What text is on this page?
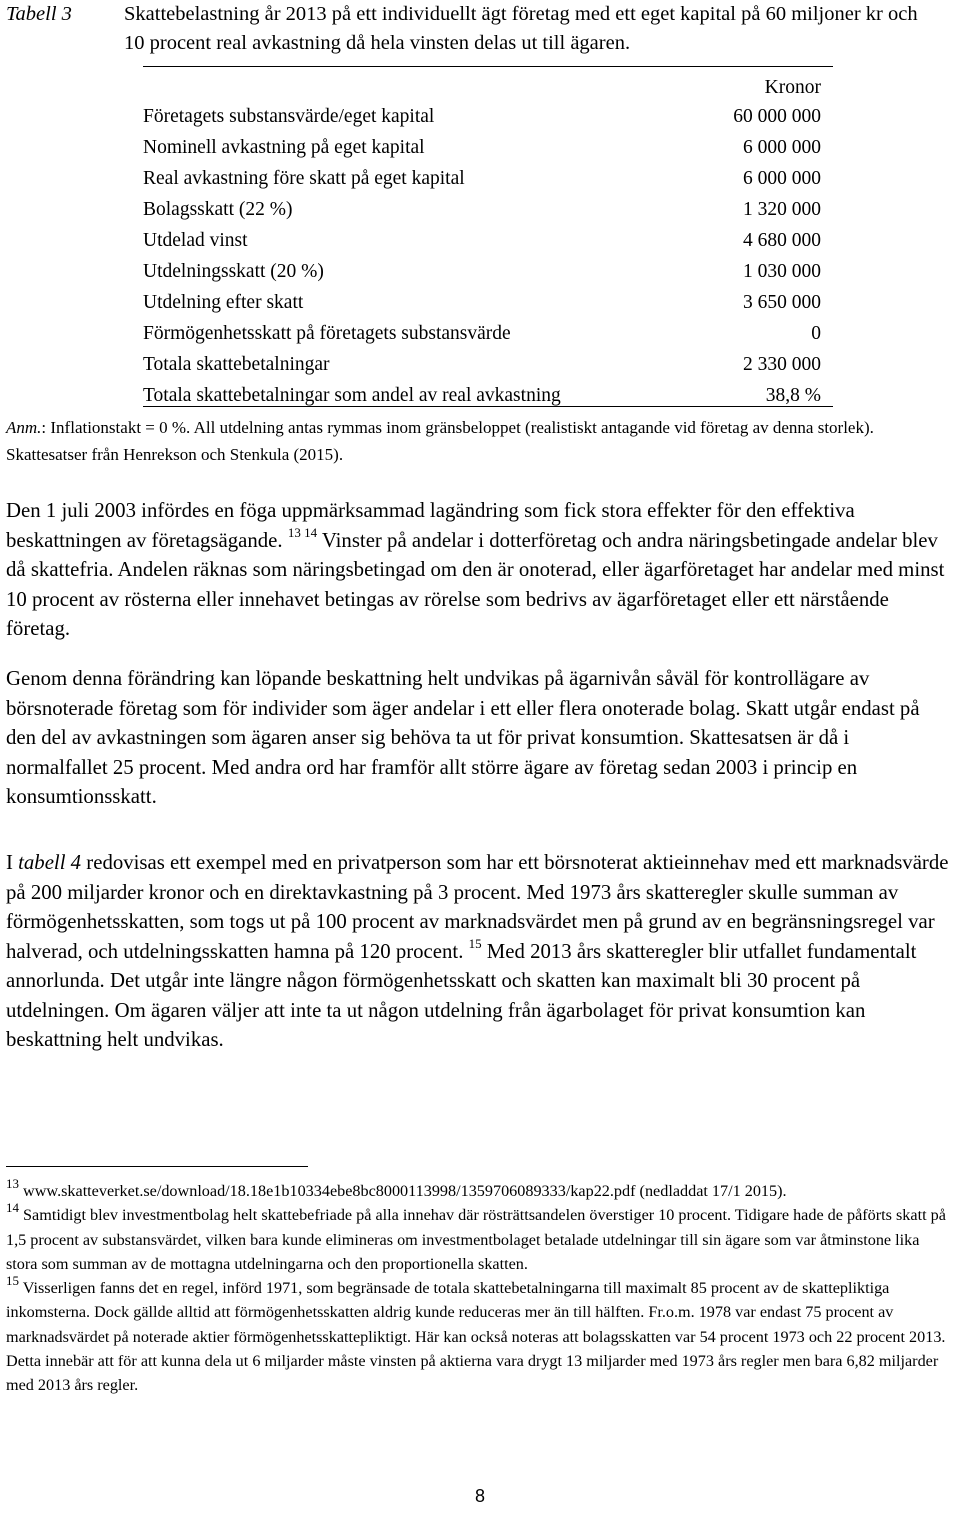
Tabell 3	Skattebelastning år 2013 på ett individuellt ägt företag med ett eget kapital på 60 miljoner kr och 10 procent real avkastning då hela vinsten delas ut till ägaren.
Kronor
Företagets substansvärde/eget kapital	60 000 000
Nominell avkastning på eget kapital	6 000 000
Real avkastning före skatt på eget kapital	6 000 000
Bolagsskatt (22 %)	1 320 000
Utdelad vinst	4 680 000
Utdelningsskatt (20 %)	1 030 000
Utdelning efter skatt	3 650 000
Förmögenhetsskatt på företagets substansvärde	0
Totala skattebetalningar	2 330 000
Totala skattebetalningar som andel av real avkastning	38,8 %
Anm.: Inflationstakt = 0 %. All utdelning antas rymmas inom gränsbeloppet (realistiskt antagande vid företag av denna storlek). Skattesatser från Henrekson och Stenkula (2015).
Den 1 juli 2003 infördes en föga uppmärksammad lagändring som fick stora effekter för den effektiva beskattningen av företagsägande. $^{13 14}$ Vinster på andelar i dotterföretag och andra näringsbetingade andelar blev då skattefria. Andelen räknas som näringsbetingad om den är onoterad, eller ägarföretaget har andelar med minst 10 procent av rösterna eller innehavet betingas av rörelse som bedrivs av ägarföretaget eller ett närstående företag.
Genom denna förändring kan löpande beskattning helt undvikas på ägarnivån såväl för kontrollägare av börsnoterade företag som för individer som äger andelar i ett eller flera onoterade bolag. Skatt utgår endast på den del av avkastningen som ägaren anser sig behöva ta ut för privat konsumtion. Skattesatsen är då i normalfallet 25 procent. Med andra ord har framför allt större ägare av företag sedan 2003 i princip en konsumtionsskatt.
I tabell 4 redovisas ett exempel med en privatperson som har ett börsnoterat aktieinnehav med ett marknadsvärde på 200 miljarder kronor och en direktavkastning på 3 procent. Med 1973 års skatteregler skulle summan av förmögenhetsskatten, som togs ut på 100 procent av marknadsvärdet men på grund av en begränsningsregel var halverad, och utdelningsskatten hamna på 120 procent. $^{15}$ Med 2013 års skatteregler blir utfallet fundamentalt annorlunda. Det utgår inte längre någon förmögenhetsskatt och skatten kan maximalt bli 30 procent på utdelningen. Om ägaren väljer att inte ta ut någon utdelning från ägarbolaget för privat konsumtion kan beskattning helt undvikas.

$^{13}$ www.skatteverket.se/download/18.18e1b10334ebe8bc8000113998/1359706089333/kap22.pdf (nedladdat 17/1 2015).

$^{14}$ Samtidigt blev investmentbolag helt skattebefriade på alla innehav där rösträttsandelen överstiger 10 procent. Tidigare hade de påförts skatt på 1,5 procent av substansvärdet, vilken bara kunde elimineras om investmentbolaget betalade utdelningar till sin ägare som var åtminstone lika stora som summan av de mottagna utdelningarna och den proportionella skatten.

$^{15}$ Visserligen fanns det en regel, införd 1971, som begränsade de totala skattebetalningarna till maximalt 85 procent av de skattepliktiga inkomsterna. Dock gällde alltid att förmögenhetsskatten aldrig kunde reduceras mer än till hälften. Fr.o.m. 1978 var endast 75 procent av marknadsvärdet på noterade aktier förmögenhetsskattepliktigt. Här kan också noteras att bolagsskatten var 54 procent 1973 och 22 procent 2013. Detta innebär att för att kunna dela ut 6 miljarder måste vinsten på aktierna vara drygt 13 miljarder med 1973 års regler men bara 6,82 miljarder med 2013 års regler.

8
